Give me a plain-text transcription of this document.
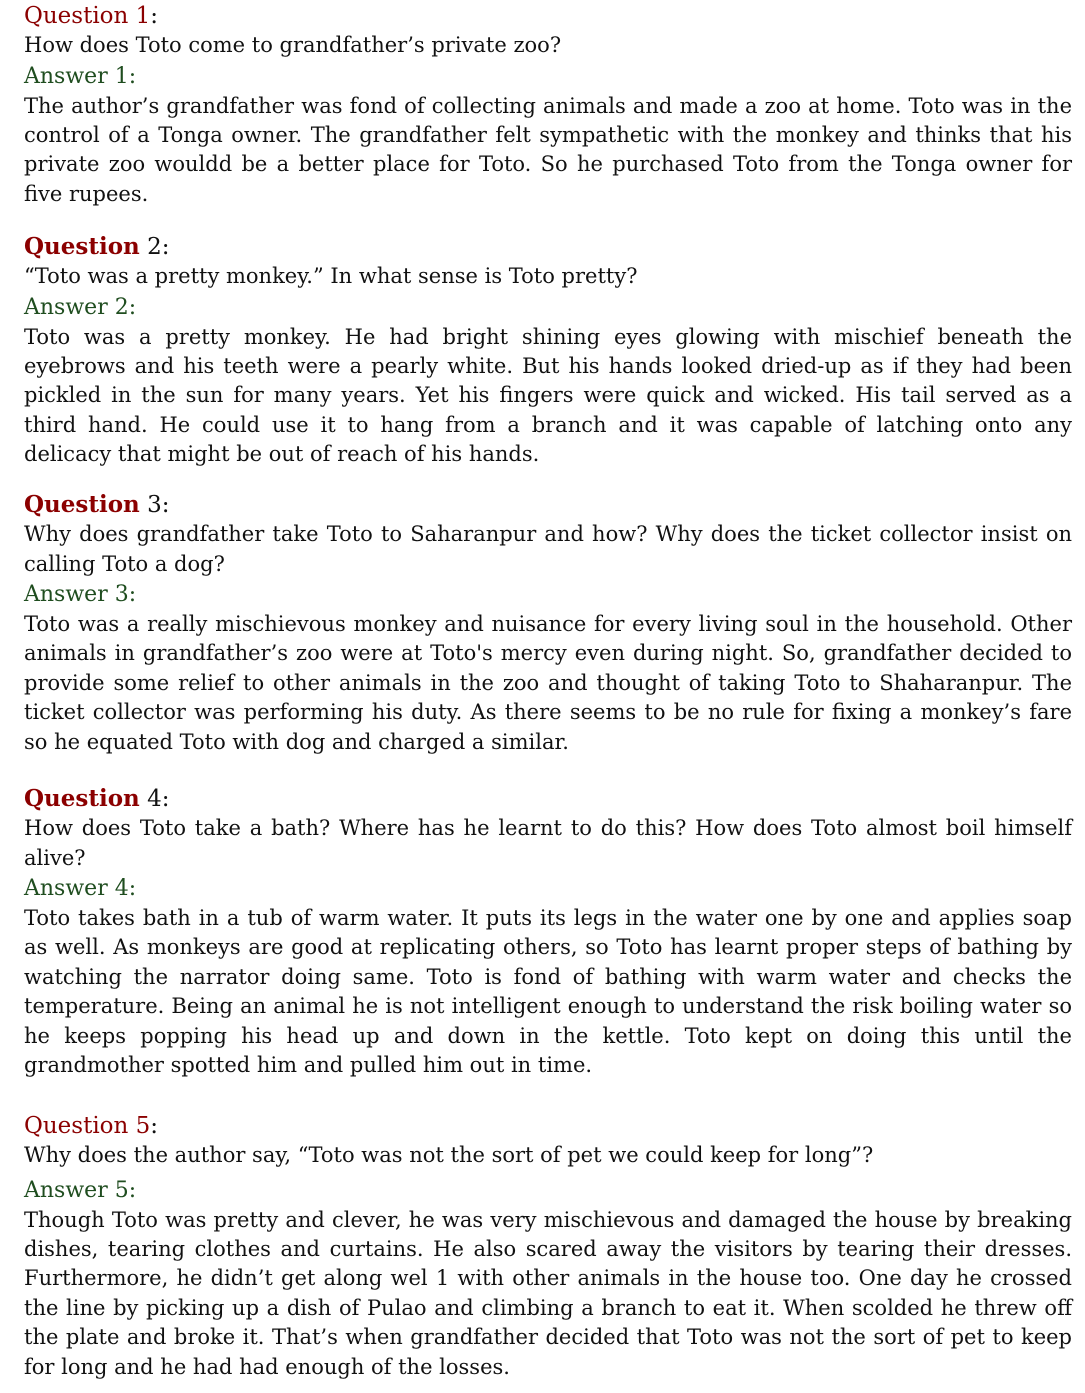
Question 1:

How does Toto come to grandfather’s private zoo?

Answer 1:

The author’s grandfather was fond of collecting animals and made a zoo at home. Toto was in the control of a Tonga owner. The grandfather felt sympathetic with the monkey and thinks that his private zoo wouldd be a better place for Toto. So he purchased Toto from the Tonga owner for five rupees.

Question 2:

“Toto was a pretty monkey.” In what sense is Toto pretty?

Answer 2:

Toto was a pretty monkey. He had bright shining eyes glowing with mischief beneath the eyebrows and his teeth were a pearly white. But his hands looked dried-up as if they had been pickled in the sun for many years. Yet his fingers were quick and wicked. His tail served as a third hand. He could use it to hang from a branch and it was capable of latching onto any delicacy that might be out of reach of his hands.

Question 3:

Why does grandfather take Toto to Saharanpur and how? Why does the ticket collector insist on calling Toto a dog?

Answer 3:

Toto was a really mischievous monkey and nuisance for every living soul in the household. Other animals in grandfather’s zoo were at Toto's mercy even during night. So, grandfather decided to provide some relief to other animals in the zoo and thought of taking Toto to Shaharanpur. The ticket collector was performing his duty. As there seems to be no rule for fixing a monkey’s fare so he equated Toto with dog and charged a similar.

Question 4:

How does Toto take a bath? Where has he learnt to do this? How does Toto almost boil himself alive?

Answer 4:

Toto takes bath in a tub of warm water. It puts its legs in the water one by one and applies soap as well. As monkeys are good at replicating others, so Toto has learnt proper steps of bathing by watching the narrator doing same. Toto is fond of bathing with warm water and checks the temperature. Being an animal he is not intelligent enough to understand the risk boiling water so he keeps popping his head up and down in the kettle. Toto kept on doing this until the grandmother spotted him and pulled him out in time.

Question 5:

Why does the author say, “Toto was not the sort of pet we could keep for long”?

Answer 5:

Though Toto was pretty and clever, he was very mischievous and damaged the house by breaking dishes, tearing clothes and curtains. He also scared away the visitors by tearing their dresses. Furthermore, he didn’t get along wel 1 with other animals in the house too. One day he crossed the line by picking up a dish of Pulao and climbing a branch to eat it. When scolded he threw off the plate and broke it. That’s when grandfather decided that Toto was not the sort of pet to keep for long and he had had enough of the losses.
